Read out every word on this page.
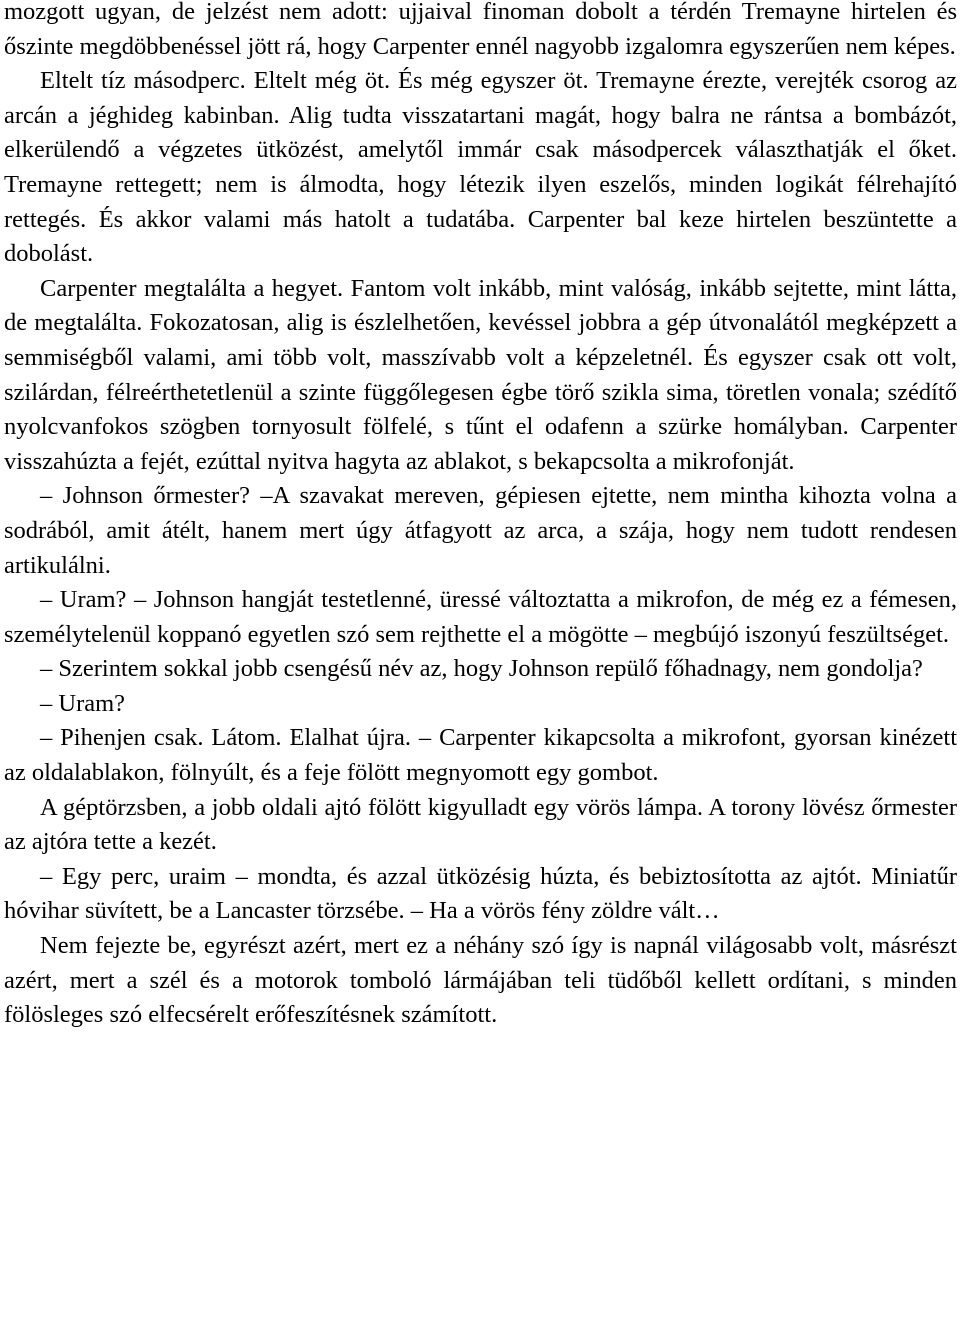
mozgott ugyan, de jelzést nem adott: ujjaival finoman dobolt a térdén Tremayne hirtelen és őszinte megdöbbenéssel jött rá, hogy Carpenter ennél nagyobb izgalomra egyszerűen nem képes.

Eltelt tíz másodperc. Eltelt még öt. És még egyszer öt. Tremayne érezte, verejték csorog az arcán a jéghideg kabinban. Alig tudta visszatartani magát, hogy balra ne rántsa a bombázót, elkerülendő a végzetes ütközést, amelytől immár csak másodpercek választhatják el őket. Tremayne rettegett; nem is álmodta, hogy létezik ilyen eszelős, minden logikát félrehajító rettegés. És akkor valami más hatolt a tudatába. Carpenter bal keze hirtelen beszüntette a dobolást.

Carpenter megtalálta a hegyet. Fantom volt inkább, mint valóság, inkább sejtette, mint látta, de megtalálta. Fokozatosan, alig is észlelhetően, kevéssel jobbra a gép útvonalától megképzett a semmiségből valami, ami több volt, masszívabb volt a képzeletnél. És egyszer csak ott volt, szilárdan, félreérthetetlenül a szinte függőlegesen égbe törő szikla sima, töretlen vonala; szédítő nyolcvanfokos szögben tornyosult fölfelé, s tűnt el odafenn a szürke homályban. Carpenter visszahúzta a fejét, ezúttal nyitva hagyta az ablakot, s bekapcsolta a mikrofonját.

– Johnson őrmester? –A szavakat mereven, gépiesen ejtette, nem mintha kihozta volna a sodrából, amit átélt, hanem mert úgy átfagyott az arca, a szája, hogy nem tudott rendesen artikulálni.

– Uram? – Johnson hangját testetlenné, üressé változtatta a mikrofon, de még ez a fémesen, személytelenül koppanó egyetlen szó sem rejthette el a mögötte – megbújó iszonyú feszültséget.

– Szerintem sokkal jobb csengésű név az, hogy Johnson repülő főhadnagy, nem gondolja?

– Uram?

– Pihenjen csak. Látom. Elalhat újra. – Carpenter kikapcsolta a mikrofont, gyorsan kinézett az oldalablakon, fölnyúlt, és a feje fölött megnyomott egy gombot.

A géptörzsben, a jobb oldali ajtó fölött kigyulladt egy vörös lámpa. A torony lövész őrmester az ajtóra tette a kezét.

– Egy perc, uraim – mondta, és azzal ütközésig húzta, és bebiztosította az ajtót. Miniatűr hóvihar süvített, be a Lancaster törzsébe. – Ha a vörös fény zöldre vált…

Nem fejezte be, egyrészt azért, mert ez a néhány szó így is napnál világosabb volt, másrészt azért, mert a szél és a motorok tomboló lármájában teli tüdőből kellett ordítani, s minden fölösleges szó elfecsérelt erőfeszítésnek számított.
